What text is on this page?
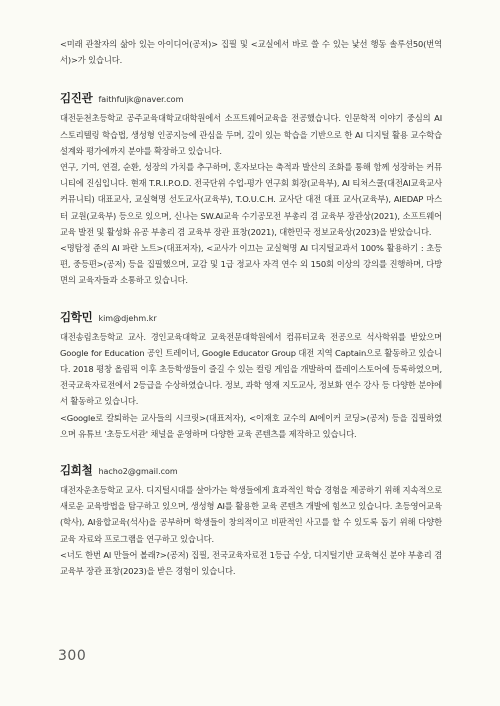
<미래 관찰자의 삶아 있는 아이디어(공저)> 집필 및 <교실에서 바로 쓸 수 있는 낯선 행동 솔루션50(번역서)>가 있습니다.

김진관 faithfuljk@naver.com

대전둔천초등학교 공주교육대학교대학원에서 소프트웨어교육을 전공했습니다. 인문학적 이야기 중심의 AI 스토리텔링 학습법, 생성형 인공지능에 관심을 두며, 깊이 있는 학습을 기반으로 한 AI 디지털 활용 교수학습 설계와 평가에까지 분야를 확장하고 있습니다.

연구, 기여, 연결, 순환, 성장의 가치를 추구하며, 혼자보다는 축적과 발산의 조화를 통해 함께 성장하는 커뮤니티에 진심입니다. 현재 T.R.I.P.O.D. 전국단위 수업-평가 연구회 회장(교육부), AI 티처스쿨(대전AI교육교사 커뮤니티) 대표교사, 교실혁명 선도교사(교육부), T.O.U.C.H. 교사단 대전 대표 교사(교육부), AIEDAP 마스터 교원(교육부) 등으로 있으며, 신나는 SW.AI교육 수기공모전 부총리 겸 교육부 장관상(2021), 소프트웨어교육 발전 및 활성화 유공 부총리 겸 교육부 장관 표창(2021), 대한민국 정보교육상(2023)을 받았습니다.

<명탐정 준의 AI 파란 노트>(대표저자), <교사가 이끄는 교실혁명 AI 디지털교과서 100% 활용하기 : 초등편, 중등편>(공저) 등을 집필했으며, 교감 및 1급 정교사 자격 연수 외 150회 이상의 강의를 진행하며, 다방면의 교육자들과 소통하고 있습니다.

김학민 kim@djehm.kr

대전송림초등학교 교사. 경인교육대학교 교육전문대학원에서 컴퓨터교육 전공으로 석사학위를 받았으며 Google for Education 공인 트레이너, Google Educator Group 대전 지역 Captain으로 활동하고 있습니다. 2018 평창 올림픽 이후 초등학생들이 즐길 수 있는 컬링 게임을 개발하여 플레이스토어에 등록하였으며, 전국교육자료전에서 2등급을 수상하였습니다. 정보, 과학 영재 지도교사, 정보화 연수 강사 등 다양한 분야에서 활동하고 있습니다.

<Google로 칼퇴하는 교사들의 시크릿>(대표저자), <이재호 교수의 AI에이커 코딩>(공저) 등을 집필하였으며 유튜브 '초등도서관' 채널을 운영하며 다양한 교육 콘텐츠를 제작하고 있습니다.

김희철 hacho2@gmail.com

대전자운초등학교 교사. 디지털시대를 살아가는 학생들에게 효과적인 학습 경험을 제공하기 위해 지속적으로 새로운 교육방법을 탐구하고 있으며, 생성형 AI를 활용한 교육 콘텐츠 개발에 힘쓰고 있습니다. 초등영어교육(학사), AI융합교육(석사)을 공부하며 학생들이 창의적이고 비판적인 사고를 할 수 있도록 돕기 위해 다양한 교육 자료와 프로그램을 연구하고 있습니다.

<너도 한번 AI 만들어 볼래?>(공저) 집필, 전국교육자료전 1등급 수상, 디지털기반 교육혁신 분야 부총리 겸 교육부 장관 표창(2023)을 받은 경험이 있습니다.

300
